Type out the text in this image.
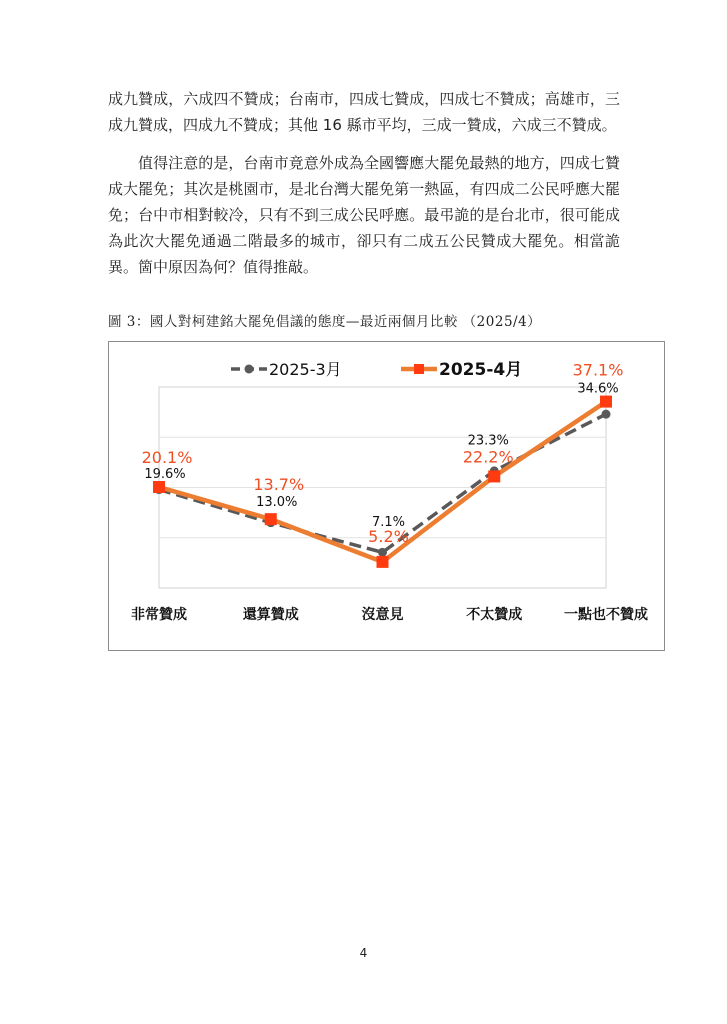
成九贊成，六成四不贊成；台南市，四成七贊成，四成七不贊成；高雄市，三成九贊成，四成九不贊成；其他 16 縣市平均，三成一贊成，六成三不贊成。

值得注意的是，台南市竟意外成為全國響應大罷免最熱的地方，四成七贊成大罷免；其次是桃園市，是北台灣大罷免第一熱區，有四成二公民呼應大罷免；台中市相對較冷，只有不到三成公民呼應。最弔詭的是台北市，很可能成為此次大罷免通過二階最多的城市，卻只有二成五公民贊成大罷免。相當詭異。箇中原因為何？值得推敲。

圖 3：國人對柯建銘大罷免倡議的態度—最近兩個月比較 （2025/4）
非常贊成	還算贊成	沒意見	不太贊成	一點也不贊成
2025-3月	2025-4月
19.6%
20.1%
13.0%
13.7%
7.1%
5.2%
23.3%
22.2%
34.6%
37.1%
4
